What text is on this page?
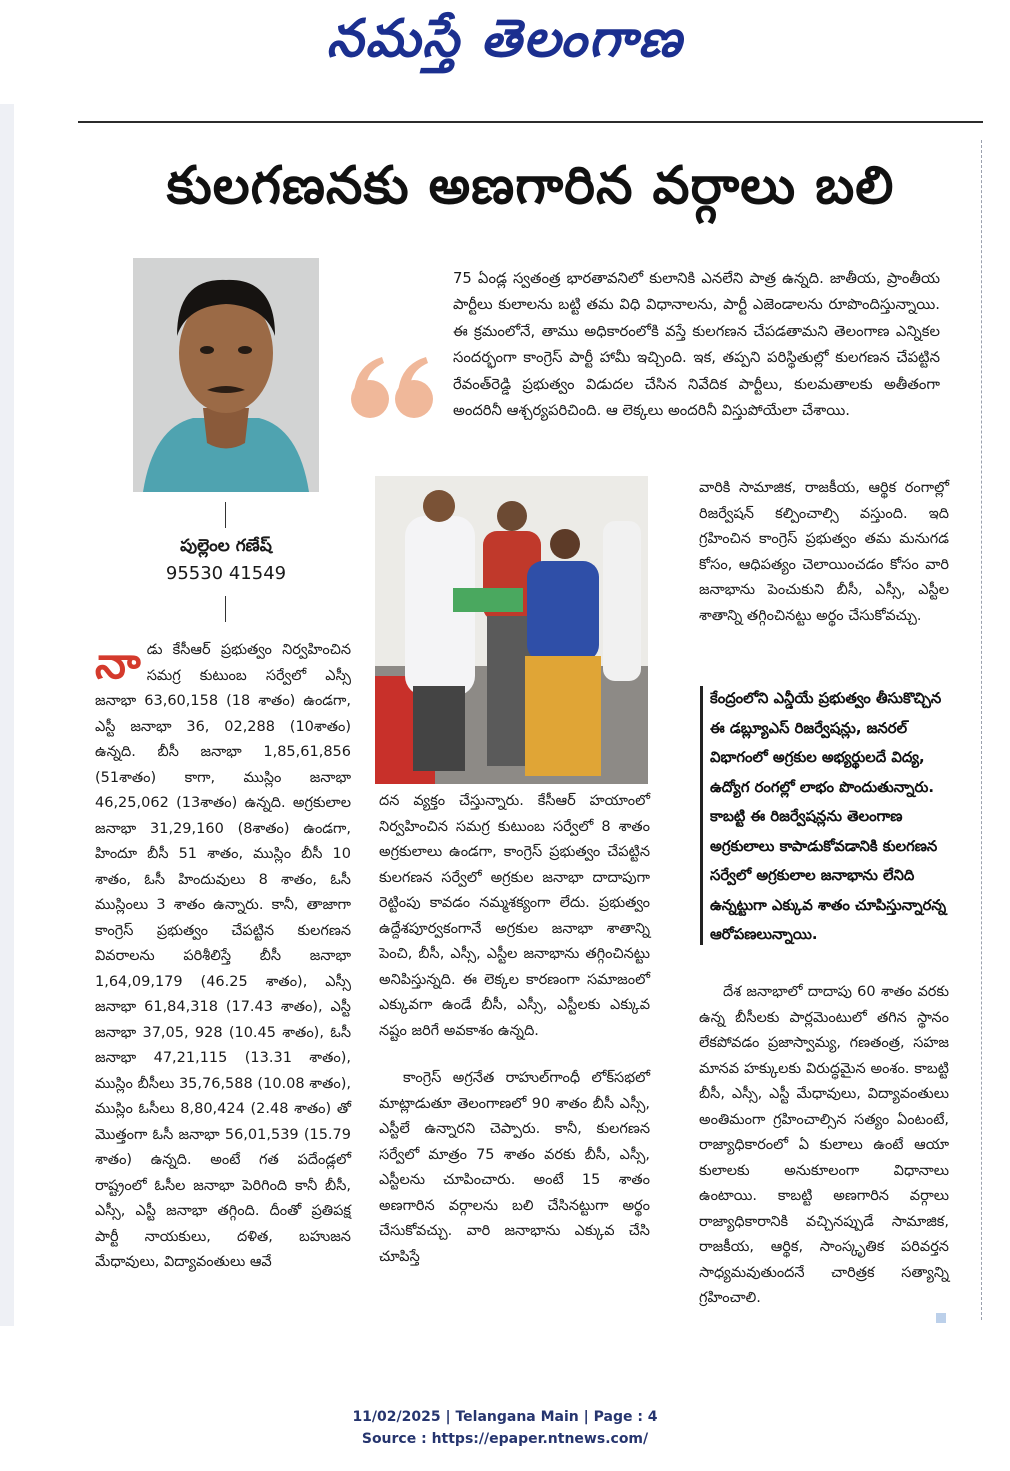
నమస్తే తెలంగాణ
కులగణనకు అణగారిన వర్గాలు బలి

75 ఏండ్ల స్వతంత్ర భారతావనిలో కులానికి ఎనలేని పాత్ర ఉన్నది. జాతీయ, ప్రాంతీయ పార్టీలు కులాలను బట్టి తమ విధి విధానాలను, పార్టీ ఎజెండాలను రూపొందిస్తున్నాయి. ఈ క్రమంలోనే, తాము అధికారంలోకి వస్తే కులగణన చేపడతామని తెలంగాణ ఎన్నికల సందర్భంగా కాంగ్రెస్ పార్టీ హామీ ఇచ్చింది. ఇక, తప్పని పరిస్థితుల్లో కులగణన చేపట్టిన రేవంత్‌రెడ్డి ప్రభుత్వం విడుదల చేసిన నివేదిక పార్టీలు, కులమతాలకు అతీతంగా అందరినీ ఆశ్చర్యపరిచింది. ఆ లెక్కలు అందరినీ విస్తుపోయేలా చేశాయి.

పుల్లెంల గణేష్
95530 41549

నాడు కేసీఆర్ ప్రభుత్వం నిర్వహించిన సమగ్ర కుటుంబ సర్వేలో ఎస్సీ జనాభా 63,60,158 (18 శాతం) ఉండగా, ఎస్టీ జనాభా 36, 02,288 (10శాతం) ఉన్నది. బీసీ జనాభా 1,85,61,856 (51శాతం) కాగా, ముస్లిం జనాభా 46,25,062 (13శాతం) ఉన్నది. అగ్రకులాల జనాభా 31,29,160 (8శాతం) ఉండగా, హిందూ బీసీ 51 శాతం, ముస్లిం బీసీ 10 శాతం, ఓసీ హిందువులు 8 శాతం, ఓసీ ముస్లింలు 3 శాతం ఉన్నారు. కానీ, తాజాగా కాంగ్రెస్ ప్రభుత్వం చేపట్టిన కులగణన వివరాలను పరిశీలిస్తే బీసీ జనాభా 1,64,09,179 (46.25 శాతం), ఎస్సీ జనాభా 61,84,318 (17.43 శాతం), ఎస్టీ జనాభా 37,05, 928 (10.45 శాతం), ఓసీ జనాభా 47,21,115 (13.31 శాతం), ముస్లిం బీసీలు 35,76,588 (10.08 శాతం), ముస్లిం ఓసీలు 8,80,424 (2.48 శాతం) తో మొత్తంగా ఓసీ జనాభా 56,01,539 (15.79 శాతం) ఉన్నది. అంటే గత పదేండ్లలో రాష్ట్రంలో ఓసీల జనాభా పెరిగింది కానీ బీసీ, ఎస్సీ, ఎస్టీ జనాభా తగ్గింది. దీంతో ప్రతిపక్ష పార్టీ నాయకులు, దళిత, బహుజన మేధావులు, విద్యావంతులు ఆవే

దన వ్యక్తం చేస్తున్నారు. కేసీఆర్ హయాంలో నిర్వహించిన సమగ్ర కుటుంబ సర్వేలో 8 శాతం అగ్రకులాలు ఉండగా, కాంగ్రెస్ ప్రభుత్వం చేపట్టిన కులగణన సర్వేలో అగ్రకుల జనాభా దాదాపుగా రెట్టింపు కావడం నమ్మశక్యంగా లేదు. ప్రభుత్వం ఉద్దేశపూర్వకంగానే అగ్రకుల జనాభా శాతాన్ని పెంచి, బీసీ, ఎస్సీ, ఎస్టీల జనాభాను తగ్గించినట్టు అనిపిస్తున్నది. ఈ లెక్కల కారణంగా సమాజంలో ఎక్కువగా ఉండే బీసీ, ఎస్సీ, ఎస్టీలకు ఎక్కువ నష్టం జరిగే అవకాశం ఉన్నది.

కాంగ్రెస్ అగ్రనేత రాహుల్‌గాంధీ లోక్‌సభలో మాట్లాడుతూ తెలంగాణలో 90 శాతం బీసీ ఎస్సీ, ఎస్టీలే ఉన్నారని చెప్పారు. కానీ, కులగణన సర్వేలో మాత్రం 75 శాతం వరకు బీసీ, ఎస్సీ, ఎస్టీలను చూపించారు. అంటే 15 శాతం అణగారిన వర్గాలను బలి చేసినట్టుగా అర్థం చేసుకోవచ్చు. వారి జనాభాను ఎక్కువ చేసి చూపిస్తే

వారికి సామాజిక, రాజకీయ, ఆర్థిక రంగాల్లో రిజర్వేషన్ కల్పించాల్సి వస్తుంది. ఇది గ్రహించిన కాంగ్రెస్ ప్రభుత్వం తమ మనుగడ కోసం, ఆధిపత్యం చెలాయించడం కోసం వారి జనాభాను పెంచుకుని బీసీ, ఎస్సీ, ఎస్టీల శాతాన్ని తగ్గించినట్టు అర్థం చేసుకోవచ్చు.

కేంద్రంలోని ఎన్డీయే ప్రభుత్వం తీసుకొచ్చిన ఈ డబ్ల్యూఎస్ రిజర్వేషన్లు, జనరల్ విభాగంలో అగ్రకుల అభ్యర్థులదే విద్య, ఉద్యోగ రంగల్లో లాభం పొందుతున్నారు. కాబట్టి ఈ రిజర్వేషన్లను తెలంగాణ అగ్రకులాలు కాపాడుకోవడానికి కులగణన సర్వేలో అగ్రకులాల జనాభాను లేనిది ఉన్నట్టుగా ఎక్కువ శాతం చూపిస్తున్నారన్న ఆరోపణలున్నాయి.

దేశ జనాభాలో దాదాపు 60 శాతం వరకు ఉన్న బీసీలకు పార్లమెంటులో తగిన స్థానం లేకపోవడం ప్రజాస్వామ్య, గణతంత్ర, సహజ మానవ హక్కులకు విరుద్ధమైన అంశం. కాబట్టి బీసీ, ఎస్సీ, ఎస్టీ మేధావులు, విద్యావంతులు అంతిమంగా గ్రహించాల్సిన సత్యం ఏంటంటే, రాజ్యాధికారంలో ఏ కులాలు ఉంటే ఆయా కులాలకు అనుకూలంగా విధానాలు ఉంటాయి. కాబట్టి అణగారిన వర్గాలు రాజ్యాధికారానికి వచ్చినప్పుడే సామాజిక, రాజకీయ, ఆర్థిక, సాంస్కృతిక పరివర్తన సాధ్యమవుతుందనే చారిత్రక సత్యాన్ని గ్రహించాలి.

11/02/2025 | Telangana Main | Page : 4
Source : https://epaper.ntnews.com/
